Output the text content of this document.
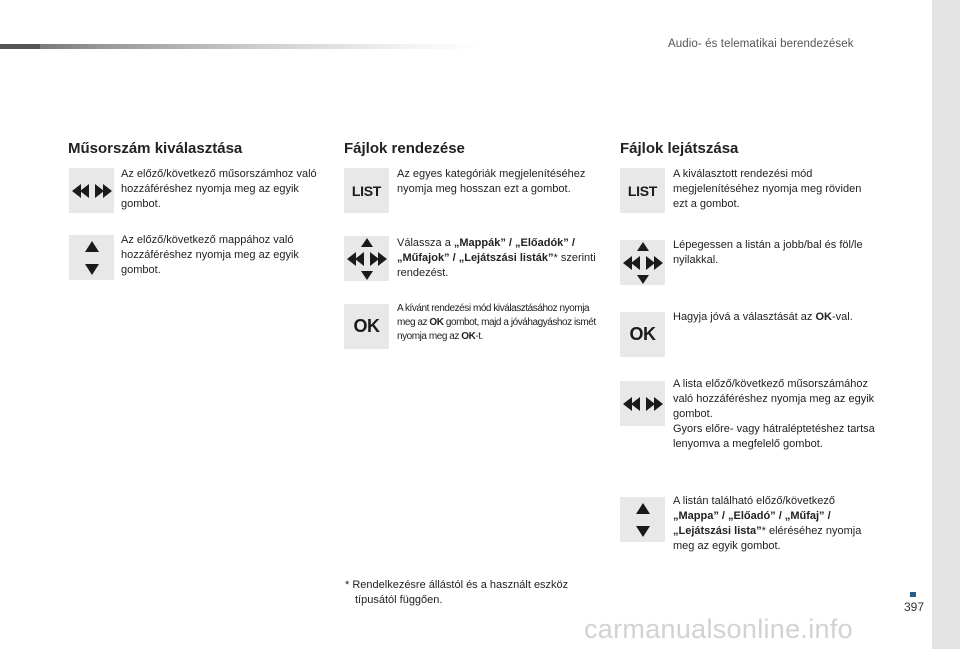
Audio- és telematikai berendezések
Műsorszám kiválasztása
Az előző/következő műsorszámhoz való hozzáféréshez nyomja meg az egyik gombot.
Az előző/következő mappához való hozzáféréshez nyomja meg az egyik gombot.
Fájlok rendezése
LIST
Az egyes kategóriák megjelenítéséhez nyomja meg hosszan ezt a gombot.
Válassza a „Mappák” / „Előadók” / „Műfajok” / „Lejátszási listák”* szerinti rendezést.
OK
A kívánt rendezési mód kiválasztásához nyomja meg az OK gombot, majd a jóváhagyáshoz ismét nyomja meg az OK-t.
Fájlok lejátszása
LIST
A kiválasztott rendezési mód megjelenítéséhez nyomja meg röviden ezt a gombot.
Lépegessen a listán a jobb/bal és föl/le nyilakkal.
OK
Hagyja jóvá a választását az OK-val.
A lista előző/következő műsorszámához való hozzáféréshez nyomja meg az egyik gombot.
Gyors előre- vagy hátraléptetéshez tartsa lenyomva a megfelelő gombot.
A listán található előző/következő „Mappa” / „Előadó” / „Műfaj” / „Lejátszási lista”* eléréséhez nyomja meg az egyik gombot.
* Rendelkezésre állástól és a használt eszköz
típusától függően.	397
carmanualsonline.info
